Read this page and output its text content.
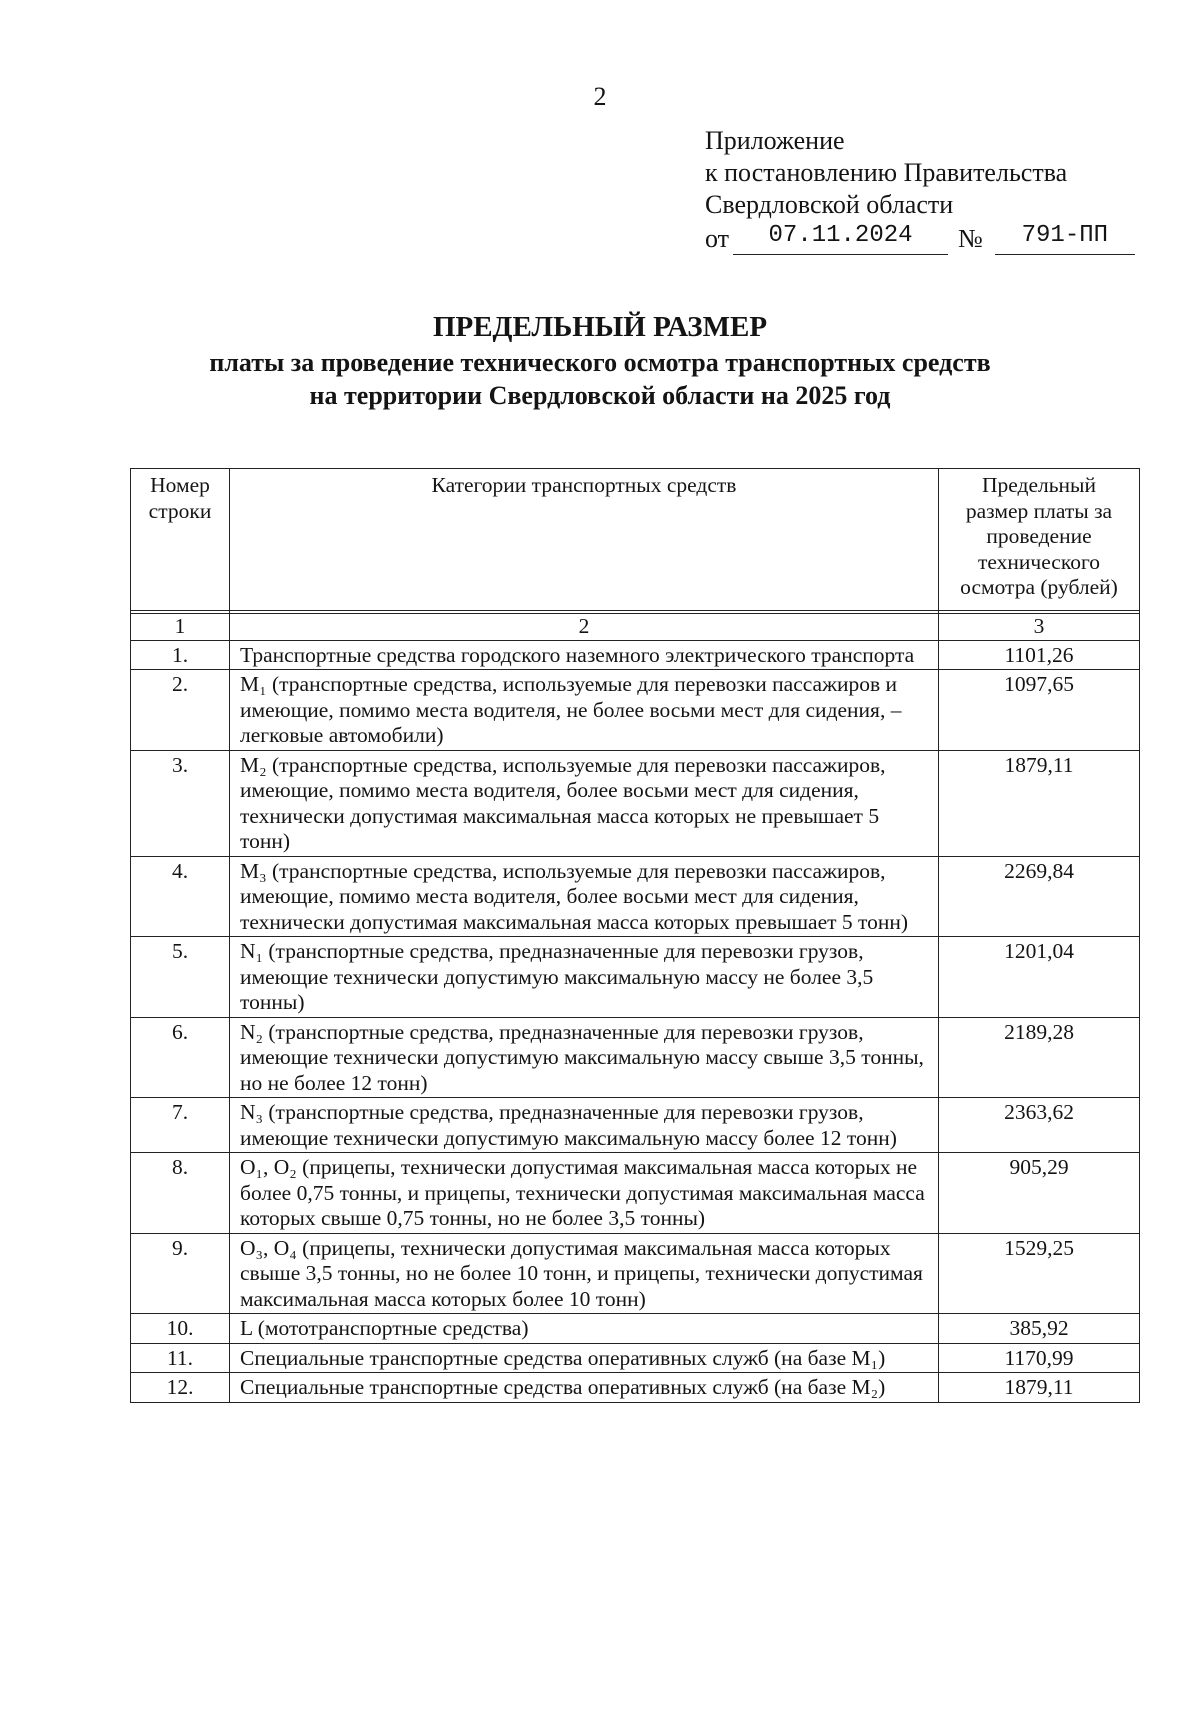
2
Приложение
к постановлению Правительства
Свердловской области
от	07.11.2024	№	791-ПП
ПРЕДЕЛЬНЫЙ РАЗМЕР
платы за проведение технического осмотра транспортных средств
на территории Свердловской области на 2025 год
Номер строки	Категории транспортных средств	Предельный размер платы за проведение технического осмотра (рублей)

1	2	3
1.	Транспортные средства городского наземного электрического транспорта	1101,26
2.	M₁ (транспортные средства, используемые для перевозки пассажиров и имеющие, помимо места водителя, не более восьми мест для сидения, – легковые автомобили)	1097,65
3.	M₂ (транспортные средства, используемые для перевозки пассажиров, имеющие, помимо места водителя, более восьми мест для сидения, технически допустимая максимальная масса которых не превышает 5 тонн)	1879,11
4.	M₃ (транспортные средства, используемые для перевозки пассажиров, имеющие, помимо места водителя, более восьми мест для сидения, технически допустимая максимальная масса которых превышает 5 тонн)	2269,84
5.	N₁ (транспортные средства, предназначенные для перевозки грузов, имеющие технически допустимую максимальную массу не более 3,5 тонны)	1201,04
6.	N₂ (транспортные средства, предназначенные для перевозки грузов, имеющие технически допустимую максимальную массу свыше 3,5 тонны, но не более 12 тонн)	2189,28
7.	N₃ (транспортные средства, предназначенные для перевозки грузов, имеющие технически допустимую максимальную массу более 12 тонн)	2363,62
8.	O₁, O₂ (прицепы, технически допустимая максимальная масса которых не более 0,75 тонны, и прицепы, технически допустимая максимальная масса которых свыше 0,75 тонны, но не более 3,5 тонны)	905,29
9.	O₃, O₄ (прицепы, технически допустимая максимальная масса которых свыше 3,5 тонны, но не более 10 тонн, и прицепы, технически допустимая максимальная масса которых более 10 тонн)	1529,25
10.	L (мототранспортные средства)	385,92
11.	Специальные транспортные средства оперативных служб (на базе M₁)	1170,99
12.	Специальные транспортные средства оперативных служб (на базе M₂)	1879,11
